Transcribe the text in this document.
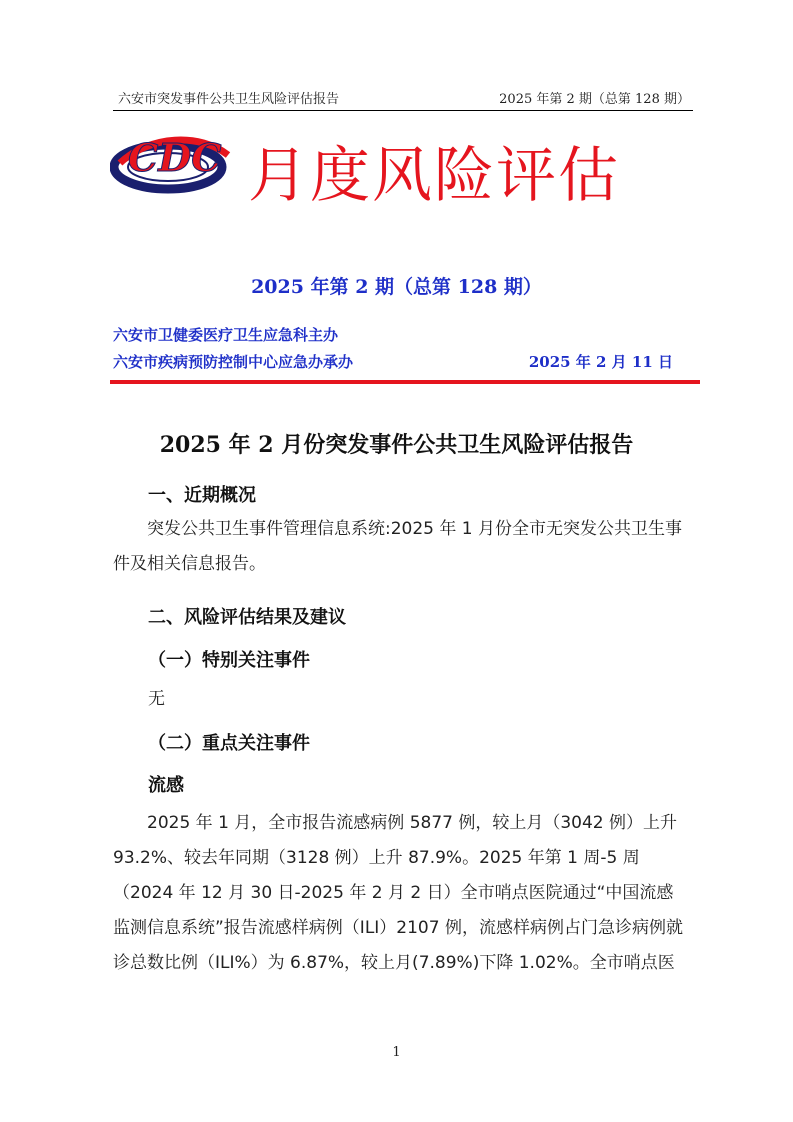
六安市突发事件公共卫生风险评估报告	2025 年第 2 期（总第 128 期）
CDC 月度风险评估
2025 年第 2 期（总第 128 期）
六安市卫健委医疗卫生应急科主办
六安市疾病预防控制中心应急办承办	2025 年 2 月 11 日
2025 年 2 月份突发事件公共卫生风险评估报告
一、近期概况
突发公共卫生事件管理信息系统:2025 年 1 月份全市无突发公共卫生事件及相关信息报告。
二、风险评估结果及建议
（一）特别关注事件
无
（二）重点关注事件
流感
2025 年 1 月，全市报告流感病例 5877 例，较上月（3042 例）上升 93.2%、较去年同期（3128 例）上升 87.9%。2025 年第 1 周-5 周（2024 年 12 月 30 日-2025 年 2 月 2 日）全市哨点医院通过“中国流感监测信息系统”报告流感样病例（ILI）2107 例，流感样病例占门急诊病例就诊总数比例（ILI%）为 6.87%，较上月(7.89%)下降 1.02%。全市哨点医
1
